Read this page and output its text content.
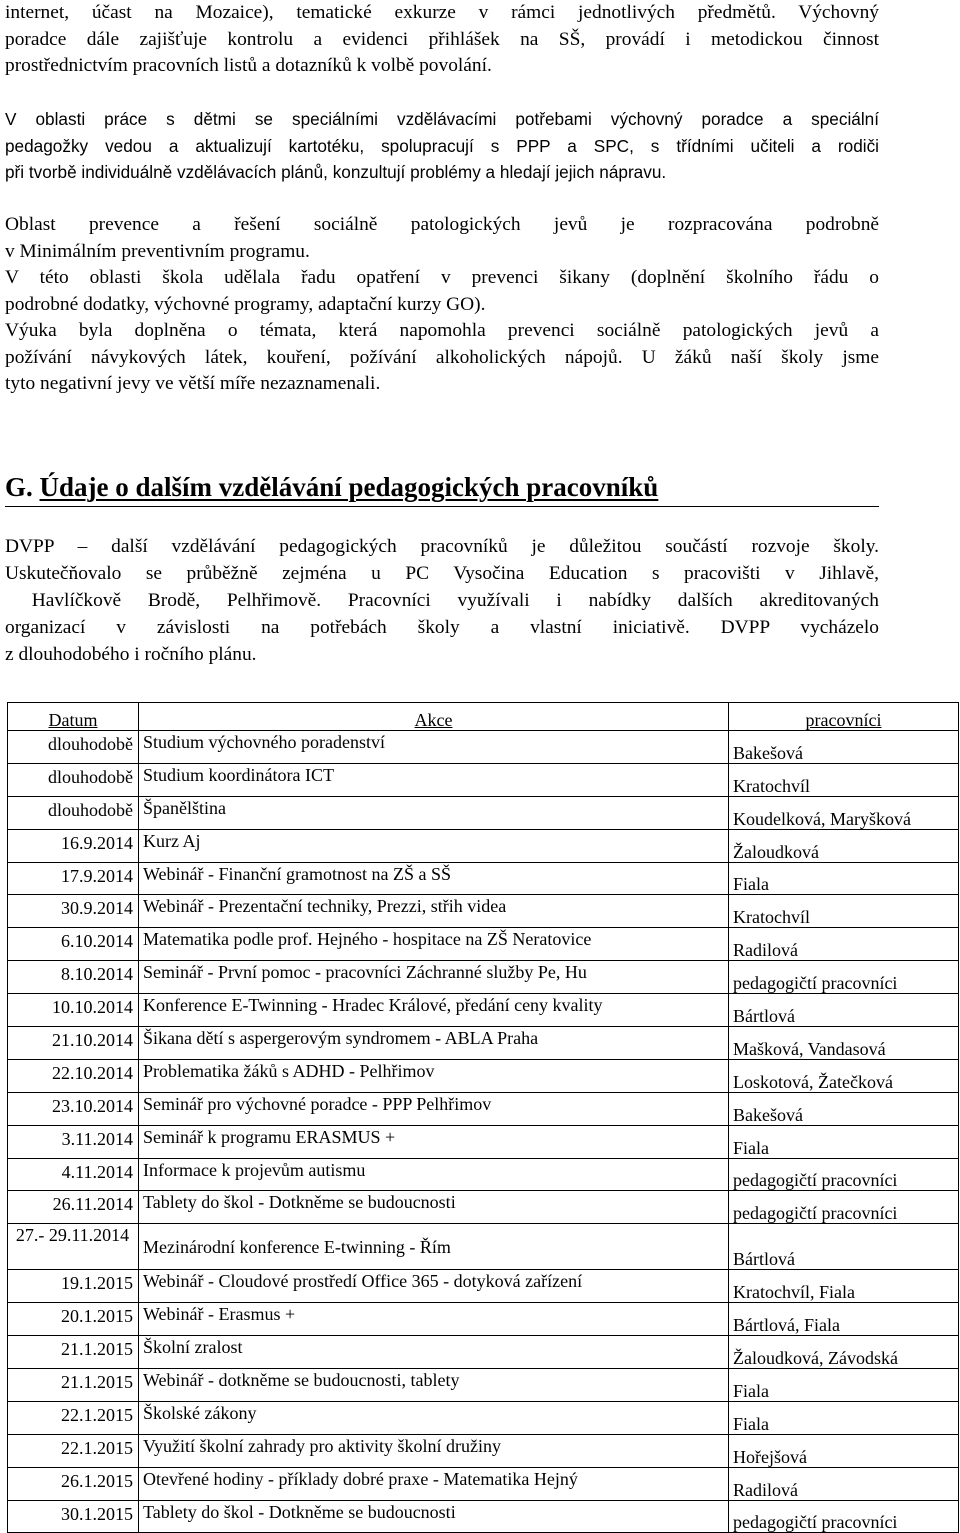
internet, účast na Mozaice), tematické exkurze v rámci jednotlivých předmětů. Výchovný
poradce dále zajišťuje kontrolu a evidenci přihlášek na SŠ, provádí i metodickou činnost
prostřednictvím pracovních listů a dotazníků k volbě povolání.
V oblasti práce s dětmi se speciálními vzdělávacími potřebami výchovný poradce a speciální
pedagožky vedou a aktualizují kartotéku, spolupracují s PPP a SPC, s třídními učiteli a rodiči
při tvorbě individuálně vzdělávacích plánů, konzultují problémy a hledají jejich nápravu.
Oblast prevence a řešení sociálně patologických jevů je rozpracována podrobně
v Minimálním preventivním programu.
V této oblasti škola udělala řadu opatření v prevenci šikany (doplnění školního řádu o
podrobné dodatky, výchovné programy, adaptační kurzy GO).
Výuka byla doplněna o témata, která napomohla prevenci sociálně patologických jevů a
požívání návykových látek, kouření, požívání alkoholických nápojů. U žáků naší školy jsme
tyto negativní jevy ve větší míře nezaznamenali.
G. Údaje o dalším vzdělávání pedagogických pracovníků
DVPP – další vzdělávání pedagogických pracovníků je důležitou součástí rozvoje školy.
Uskutečňovalo se průběžně zejména u PC Vysočina Education s pracovišti v Jihlavě,
Havlíčkově Brodě, Pelhřimově. Pracovníci využívali i nabídky dalších akreditovaných
organizací v závislosti na potřebách školy a vlastní iniciativě. DVPP vycházelo
z dlouhodobého i ročního plánu.
Datum	Akce	pracovníci
dlouhodobě	Studium výchovného poradenství	Bakešová
dlouhodobě	Studium koordinátora ICT	Kratochvíl
dlouhodobě	Španělština	Koudelková, Maryšková
16.9.2014	Kurz Aj	Žaloudková
17.9.2014	Webinář - Finanční gramotnost na ZŠ a SŠ	Fiala
30.9.2014	Webinář - Prezentační techniky, Prezzi, střih videa	Kratochvíl
6.10.2014	Matematika podle prof. Hejného - hospitace na ZŠ Neratovice	Radilová
8.10.2014	Seminář - První pomoc - pracovníci Záchranné služby Pe, Hu	pedagogičtí pracovníci
10.10.2014	Konference E-Twinning - Hradec Králové, předání ceny kvality	Bártlová
21.10.2014	Šikana dětí s aspergerovým syndromem - ABLA Praha	Mašková, Vandasová
22.10.2014	Problematika žáků s ADHD - Pelhřimov	Loskotová, Žatečková
23.10.2014	Seminář pro výchovné poradce - PPP Pelhřimov	Bakešová
3.11.2014	Seminář k programu ERASMUS +	Fiala
4.11.2014	Informace k projevům autismu	pedagogičtí pracovníci
26.11.2014	Tablety do škol - Dotkněme se budoucnosti	pedagogičtí pracovníci
27.- 29.11.2014	Mezinárodní konference E-twinning - Řím	Bártlová
19.1.2015	Webinář - Cloudové prostředí Office 365 - dotyková zařízení	Kratochvíl, Fiala
20.1.2015	Webinář - Erasmus +	Bártlová, Fiala
21.1.2015	Školní zralost	Žaloudková, Závodská
21.1.2015	Webinář - dotkněme se budoucnosti, tablety	Fiala
22.1.2015	Školské zákony	Fiala
22.1.2015	Využití školní zahrady pro aktivity školní družiny	Hořejšová
26.1.2015	Otevřené hodiny - příklady dobré praxe - Matematika Hejný	Radilová
30.1.2015	Tablety do škol - Dotkněme se budoucnosti	pedagogičtí pracovníci
